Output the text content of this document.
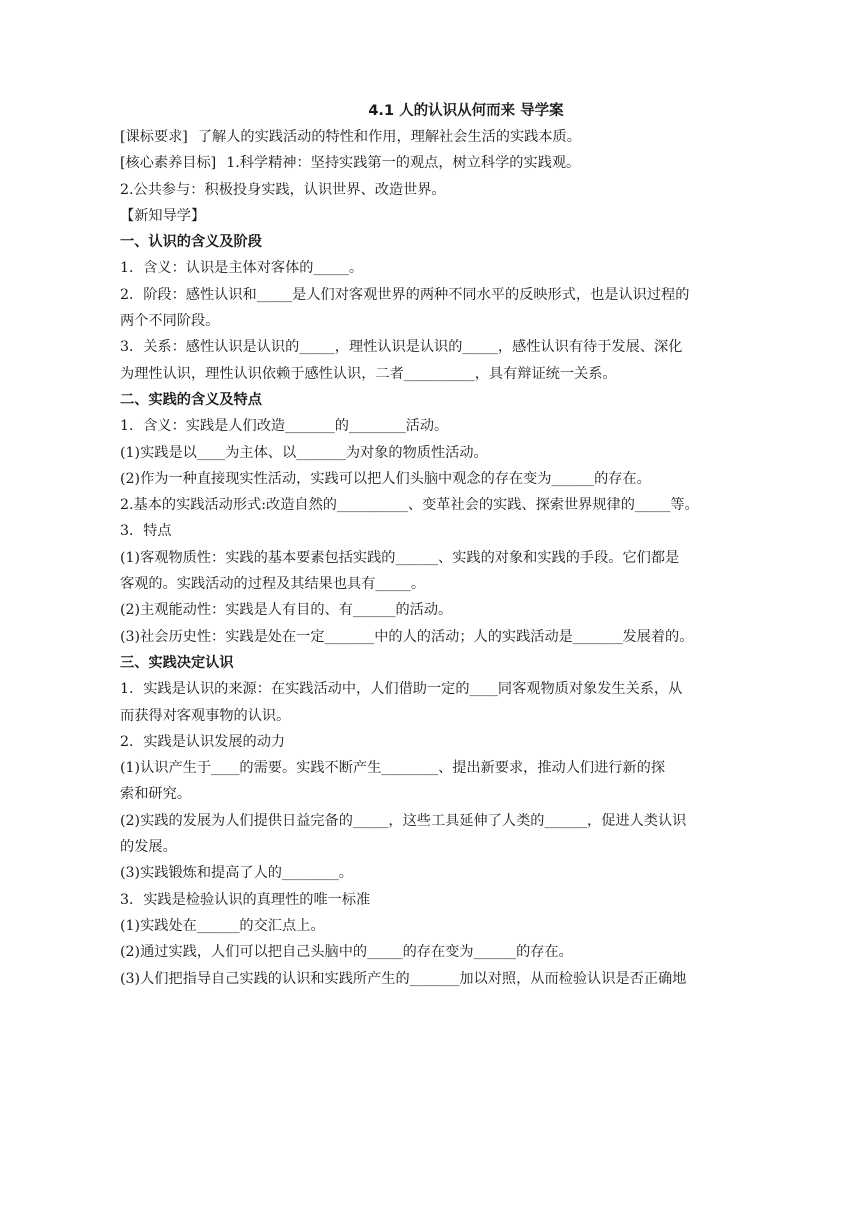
4.1 人的认识从何而来 导学案
[课标要求] 了解人的实践活动的特性和作用，理解社会生活的实践本质。
[核心素养目标] 1.科学精神：坚持实践第一的观点，树立科学的实践观。
2.公共参与：积极投身实践，认识世界、改造世界。
【新知导学】
一、认识的含义及阶段
1．含义：认识是主体对客体的_____。
2．阶段：感性认识和_____是人们对客观世界的两种不同水平的反映形式，也是认识过程的
两个不同阶段。
3．关系：感性认识是认识的_____，理性认识是认识的_____，感性认识有待于发展、深化
为理性认识，理性认识依赖于感性认识，二者__________，具有辩证统一关系。
二、实践的含义及特点
1．含义：实践是人们改造_______的________活动。
(1)实践是以____为主体、以_______为对象的物质性活动。
(2)作为一种直接现实性活动，实践可以把人们头脑中观念的存在变为______的存在。
2.基本的实践活动形式:改造自然的__________、变革社会的实践、探索世界规律的_____等。
3．特点
(1)客观物质性：实践的基本要素包括实践的______、实践的对象和实践的手段。它们都是
客观的。实践活动的过程及其结果也具有_____。
(2)主观能动性：实践是人有目的、有______的活动。
(3)社会历史性：实践是处在一定_______中的人的活动；人的实践活动是_______发展着的。
三、实践决定认识
1．实践是认识的来源：在实践活动中，人们借助一定的____同客观物质对象发生关系，从
而获得对客观事物的认识。
2．实践是认识发展的动力
(1)认识产生于____的需要。实践不断产生________、提出新要求，推动人们进行新的探
索和研究。
(2)实践的发展为人们提供日益完备的_____，这些工具延伸了人类的______，促进人类认识
的发展。
(3)实践锻炼和提高了人的________。
3．实践是检验认识的真理性的唯一标准
(1)实践处在______的交汇点上。
(2)通过实践，人们可以把自己头脑中的_____的存在变为______的存在。
(3)人们把指导自己实践的认识和实践所产生的_______加以对照，从而检验认识是否正确地
